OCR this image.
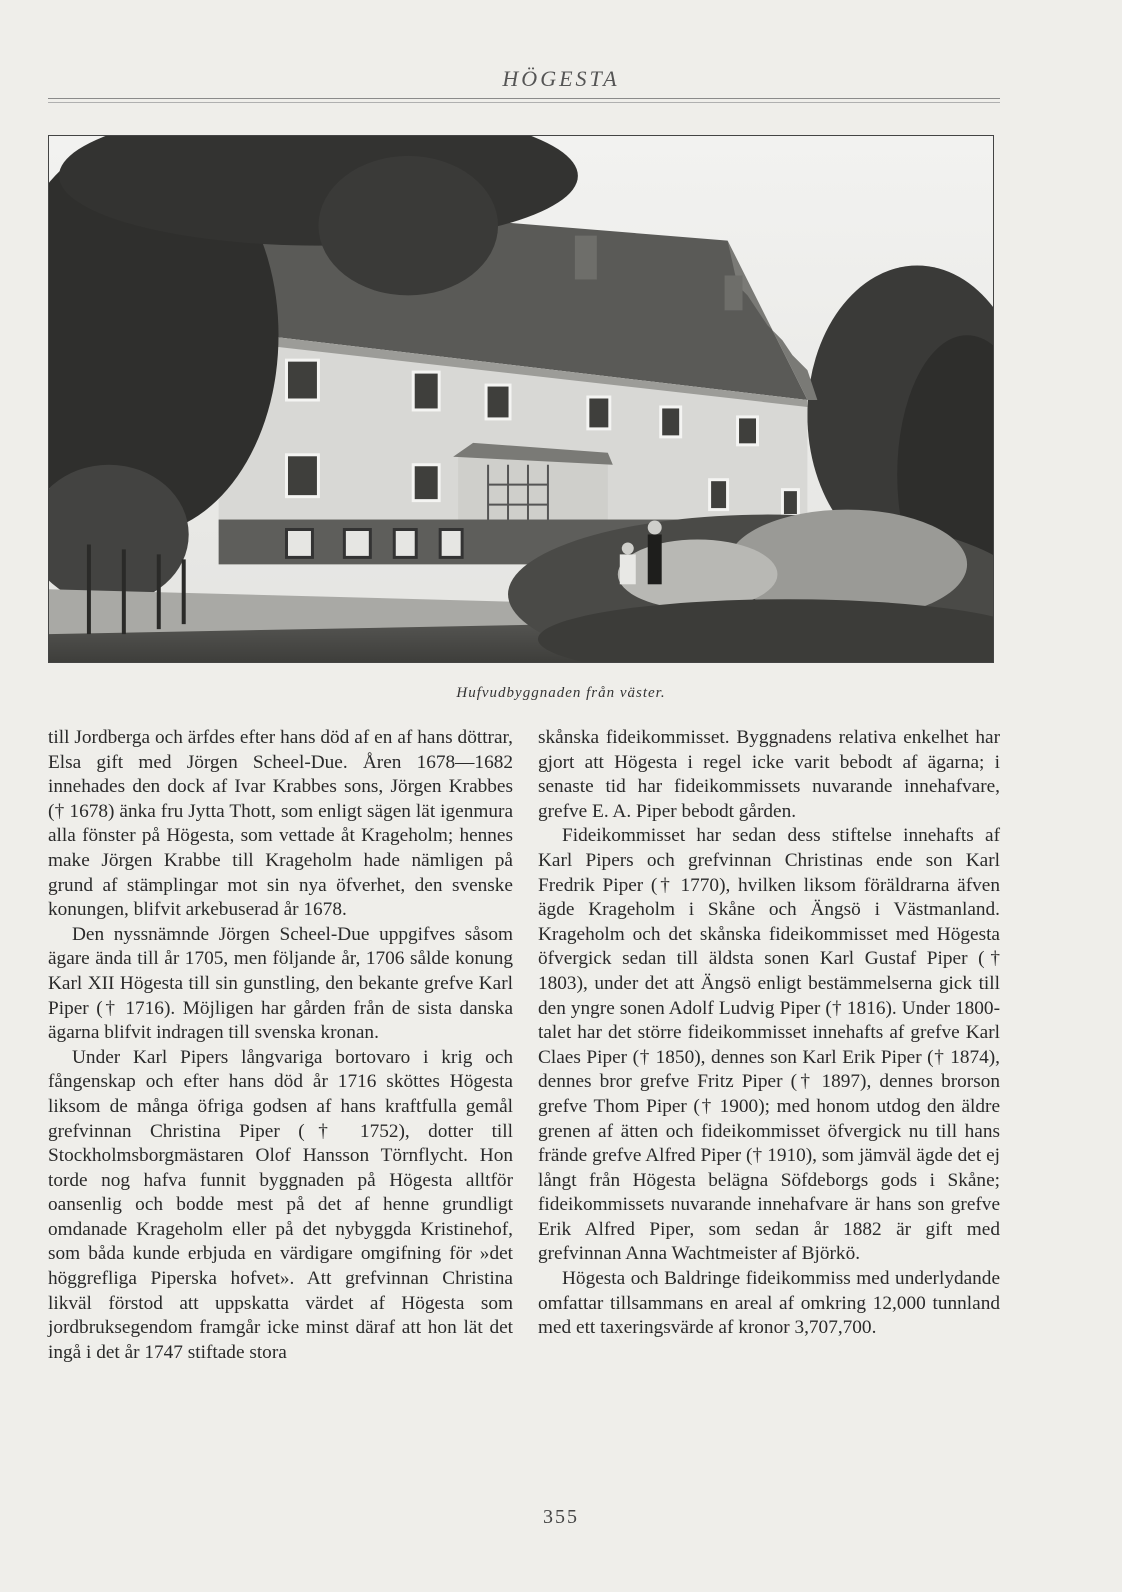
HÖGESTA
Hufvudbyggnaden från väster.

till Jordberga och ärfdes efter hans död af en af hans döttrar, Elsa gift med Jörgen Scheel-Due. Åren 1678—1682 innehades den dock af Ivar Krabbes sons, Jörgen Krabbes († 1678) änka fru Jytta Thott, som enligt sägen lät igenmura alla fönster på Högesta, som vettade åt Krageholm; hennes make Jörgen Krabbe till Krageholm hade nämligen på grund af stämplingar mot sin nya öfverhet, den svenske konungen, blifvit arkebuserad år 1678.

Den nyssnämnde Jörgen Scheel-Due uppgifves såsom ägare ända till år 1705, men följande år, 1706 sålde konung Karl XII Högesta till sin gunstling, den bekante grefve Karl Piper († 1716). Möjligen har gården från de sista danska ägarna blifvit indragen till svenska kronan.

Under Karl Pipers långvariga bortovaro i krig och fångenskap och efter hans död år 1716 sköttes Högesta liksom de många öfriga godsen af hans kraftfulla gemål grefvinnan Christina Piper († 1752), dotter till Stockholmsborgmästaren Olof Hansson Törnflycht. Hon torde nog hafva funnit byggnaden på Högesta alltför oansenlig och bodde mest på det af henne grundligt omdanade Krageholm eller på det nybyggda Kristinehof, som båda kunde erbjuda en värdigare omgifning för »det höggrefliga Piperska hofvet». Att grefvinnan Christina likväl förstod att uppskatta värdet af Högesta som jordbruksegendom framgår icke minst däraf att hon lät det ingå i det år 1747 stiftade stora

skånska fideikommisset. Byggnadens relativa enkelhet har gjort att Högesta i regel icke varit bebodt af ägarna; i senaste tid har fideikommissets nuvarande innehafvare, grefve E. A. Piper bebodt gården.

Fideikommisset har sedan dess stiftelse innehafts af Karl Pipers och grefvinnan Christinas ende son Karl Fredrik Piper († 1770), hvilken liksom föräldrarna äfven ägde Krageholm i Skåne och Ängsö i Västmanland. Krageholm och det skånska fideikommisset med Högesta öfvergick sedan till äldsta sonen Karl Gustaf Piper († 1803), under det att Ängsö enligt bestämmelserna gick till den yngre sonen Adolf Ludvig Piper († 1816). Under 1800-talet har det större fideikommisset innehafts af grefve Karl Claes Piper († 1850), dennes son Karl Erik Piper († 1874), dennes bror grefve Fritz Piper († 1897), dennes brorson grefve Thom Piper († 1900); med honom utdog den äldre grenen af ätten och fideikommisset öfvergick nu till hans frände grefve Alfred Piper († 1910), som jämväl ägde det ej långt från Högesta belägna Söfdeborgs gods i Skåne; fideikommissets nuvarande innehafvare är hans son grefve Erik Alfred Piper, som sedan år 1882 är gift med grefvinnan Anna Wachtmeister af Björkö.

Högesta och Baldringe fideikommiss med underlydande omfattar tillsammans en areal af omkring 12,000 tunnland med ett taxeringsvärde af kronor 3,707,700.

355
